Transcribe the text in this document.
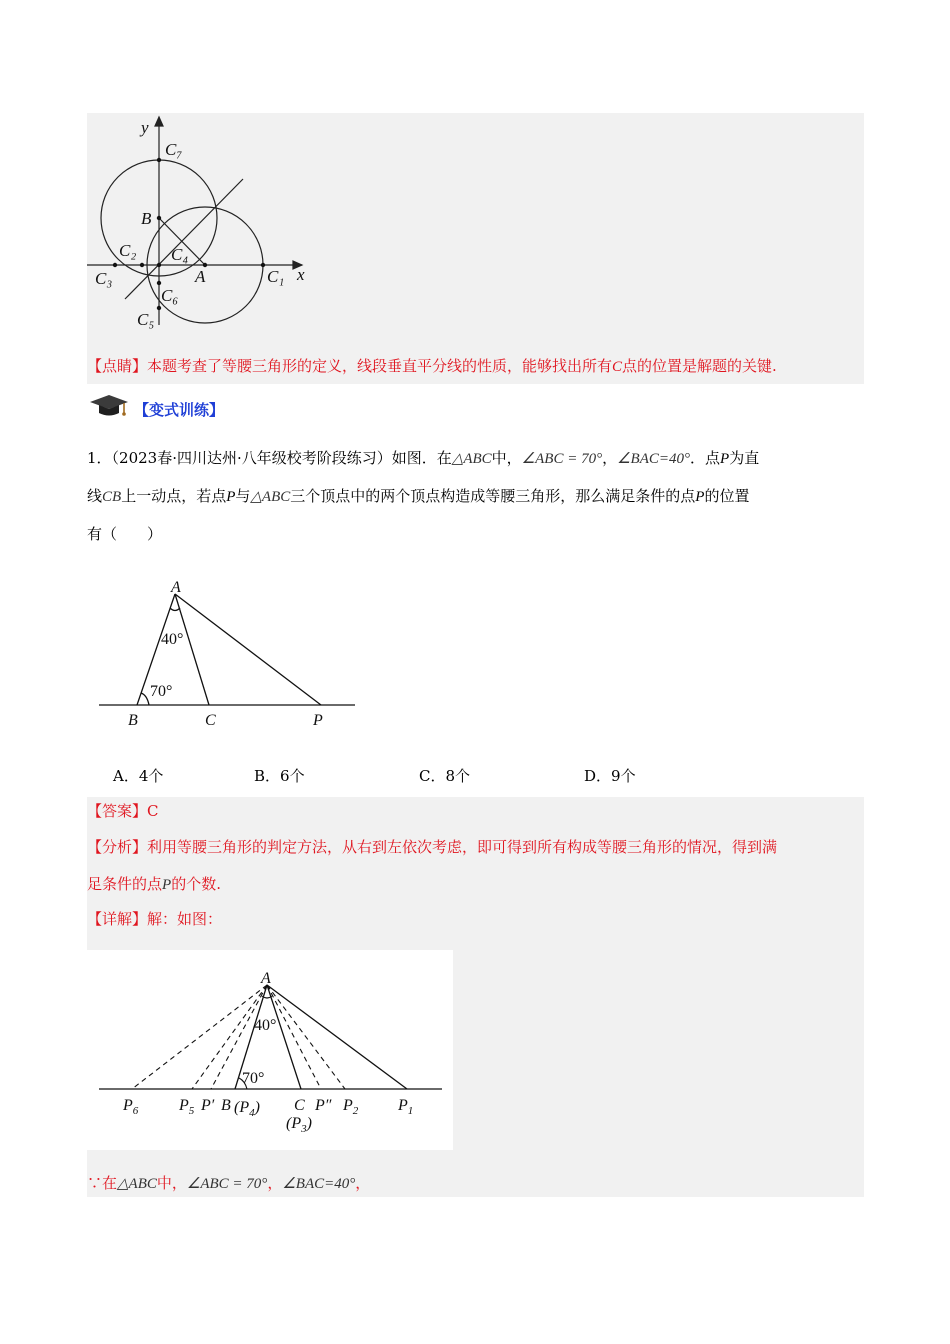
y
x
C₇
B
C₂ C₄
C₃	A	C₁
C₆
C₅
【点睛】本题考查了等腰三角形的定义，线段垂直平分线的性质，能够找出所有C点的位置是解题的关键.
【变式训练】
1．（2023春·四川达州·八年级校考阶段练习）如图．在△ABC中，∠ABC = 70°，∠BAC=40°．点P为直
线CB上一动点，若点P与△ABC三个顶点中的两个顶点构造成等腰三角形，那么满足条件的点P的位置
有（　　）
A
40°
70°
B	C	P
A．4个	B．6个	C．8个	D．9个
【答案】C
【分析】利用等腰三角形的判定方法，从右到左依次考虑，即可得到所有构成等腰三角形的情况，得到满
足条件的点P的个数.
【详解】解：如图：
A
40°
70°
$P_6$	$P_5$ P′ B $(P_4)$ C
$(P_3)$
P″ $P_2$ $P_1$
∵在△ABC中，∠ABC = 70°，∠BAC=40°，
